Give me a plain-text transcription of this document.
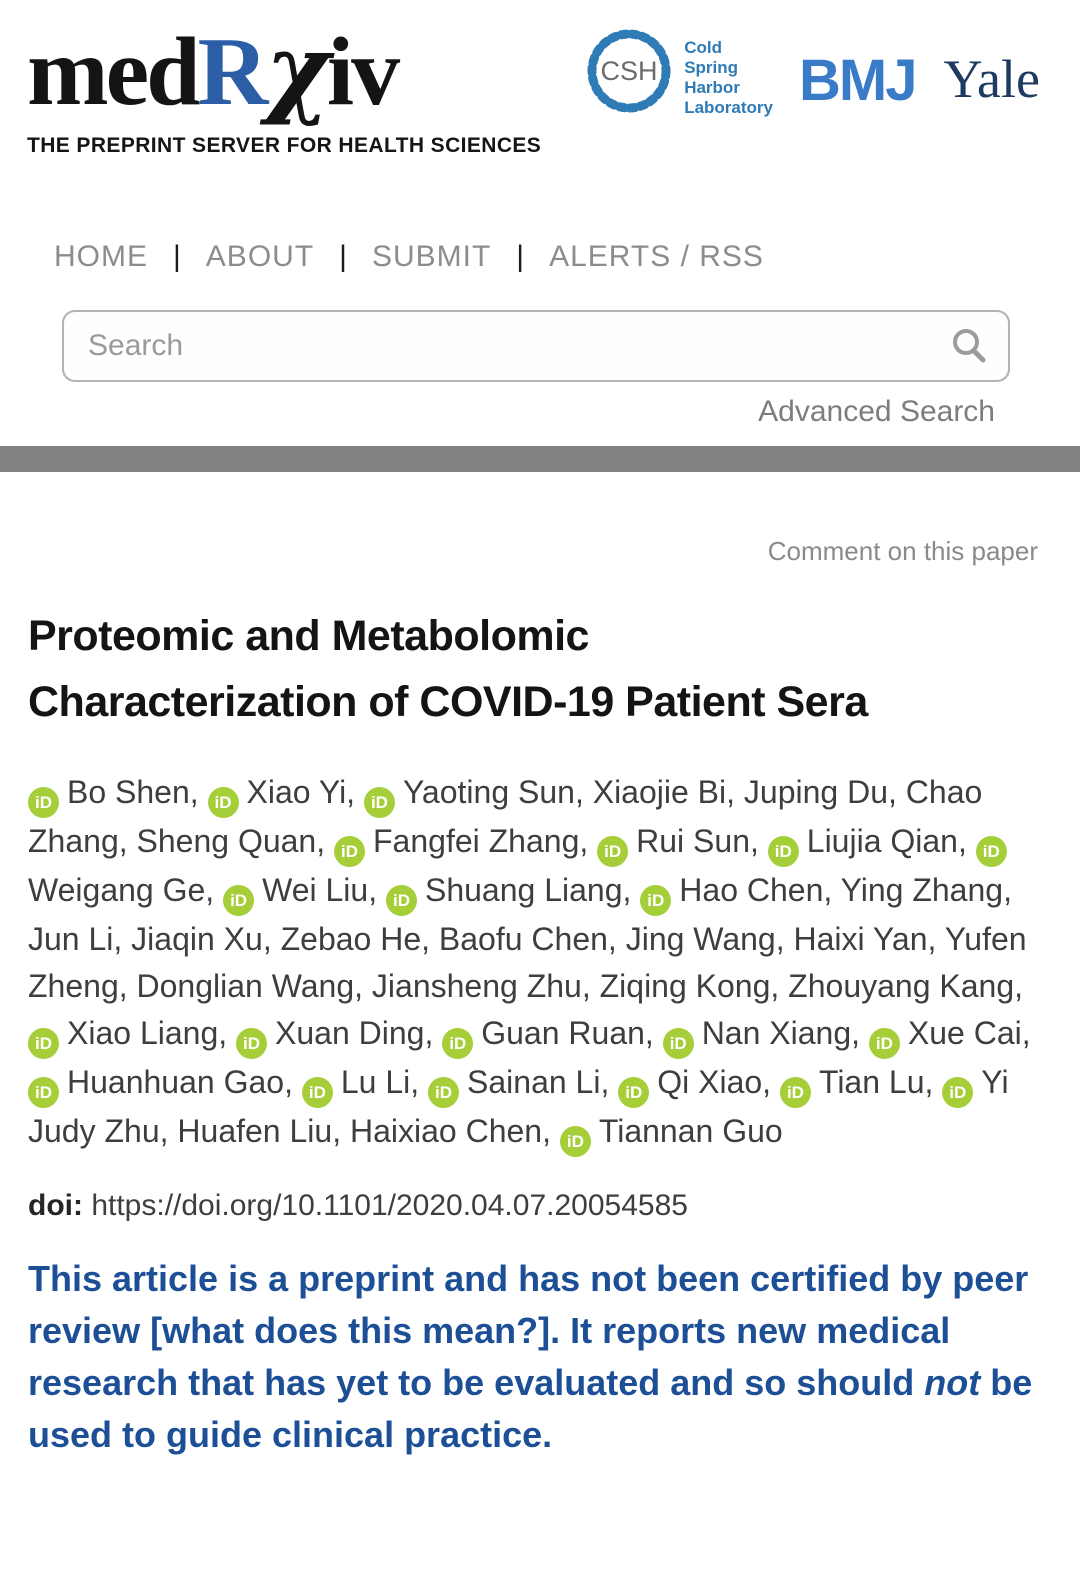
medRχiv
THE PREPRINT SERVER FOR HEALTH SCIENCES
CSH
Cold
Spring
Harbor
Laboratory BMJ Yale
HOME | ABOUT | SUBMIT | ALERTS / RSS
Search
Advanced Search
Comment on this paper
Proteomic and Metabolomic
Characterization of COVID-19 Patient Sera

iD Bo Shen, iD Xiao Yi, iD Yaoting Sun, Xiaojie Bi, Juping Du, Chao Zhang, Sheng Quan, iD Fangfei Zhang, iD Rui Sun, iD Liujia Qian, iDWeigang Ge, iD Wei Liu, iD Shuang Liang, iD Hao Chen, Ying Zhang, Jun Li, Jiaqin Xu, Zebao He, Baofu Chen, Jing Wang, Haixi Yan, Yufen Zheng, Donglian Wang, Jiansheng Zhu, Ziqing Kong, Zhouyang Kang, iD Xiao Liang, iD Xuan Ding, iD Guan Ruan, iD Nan Xiang, iD Xue Cai, iD Huanhuan Gao, iD Lu Li, iD Sainan Li, iD Qi Xiao, iD Tian Lu, iD Yi Judy Zhu, Huafen Liu, Haixiao Chen, iD Tiannan Guo

doi: https://doi.org/10.1101/2020.04.07.20054585
This article is a preprint and has not been certified by peer review [what does this mean?]. It reports new medical research that has yet to be evaluated and so should not be used to guide clinical practice.
